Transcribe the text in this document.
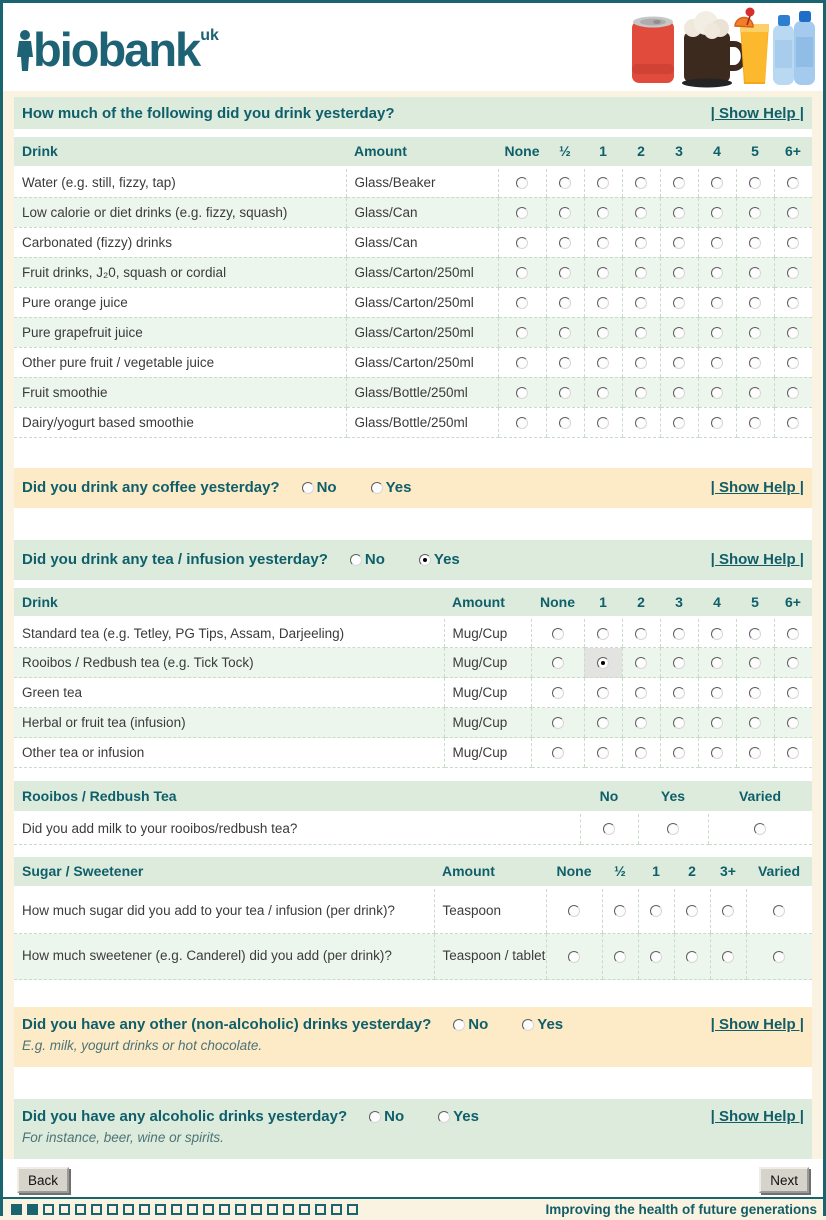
biobankuk
How much of the following did you drink yesterday?	| Show Help |
Drink	Amount	None	½	1	2	3	4	5	6+
Water (e.g. still, fizzy, tap)	Glass/Beaker								
Low calorie or diet drinks (e.g. fizzy, squash)	Glass/Can								
Carbonated (fizzy) drinks	Glass/Can								
Fruit drinks, J₂0, squash or cordial	Glass/Carton/250ml								
Pure orange juice	Glass/Carton/250ml								
Pure grapefruit juice	Glass/Carton/250ml								
Other pure fruit / vegetable juice	Glass/Carton/250ml								
Fruit smoothie	Glass/Bottle/250ml								
Dairy/yogurt based smoothie	Glass/Bottle/250ml								
Did you drink any coffee yesterday? No	Yes	| Show Help |
Did you drink any tea / infusion yesterday? No	Yes	| Show Help |
Drink	Amount	None	1	2	3	4	5	6+
Standard tea (e.g. Tetley, PG Tips, Assam, Darjeeling)	Mug/Cup							
Rooibos / Redbush tea (e.g. Tick Tock)	Mug/Cup							
Green tea	Mug/Cup							
Herbal or fruit tea (infusion)	Mug/Cup							
Other tea or infusion	Mug/Cup							
Rooibos / Redbush Tea	No	Yes	Varied
Did you add milk to your rooibos/redbush tea?			
Sugar / Sweetener	Amount	None	½	1	2	3+	Varied
How much sugar did you add to your tea / infusion (per drink)?	Teaspoon						
How much sweetener (e.g. Canderel) did you add (per drink)?	Teaspoon / tablet						
Did you have any other (non-alcoholic) drinks yesterday? No	Yes	| Show Help |
E.g. milk, yogurt drinks or hot chocolate.
Did you have any alcoholic drinks yesterday? No	Yes	| Show Help |
For instance, beer, wine or spirits.
Back	Next
Improving the health of future generations
